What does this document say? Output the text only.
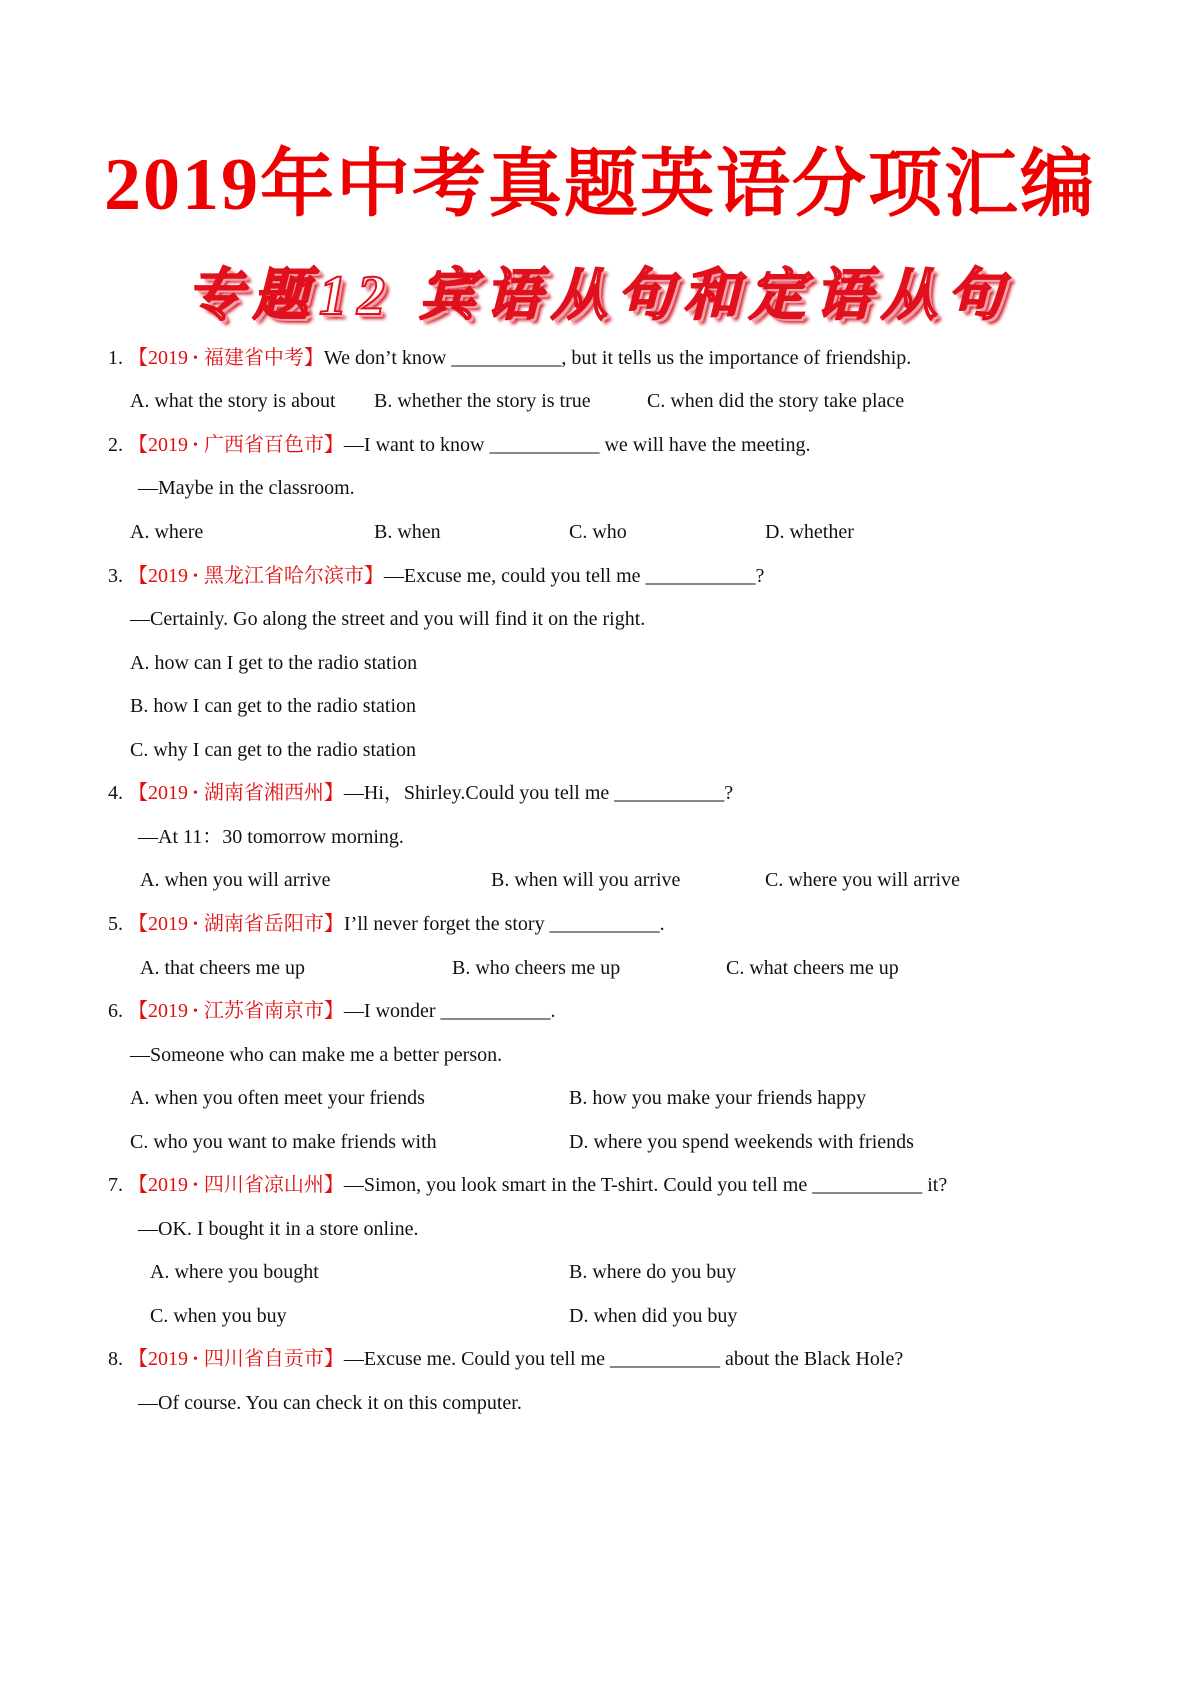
2019年中考真题英语分项汇编
专题12 宾语从句和定语从句
1. 【2019 • 福建省中考】We don’t know ___________, but it tells us the importance of friendship.
A. what the story is about B. whether the story is true	C. when did the story take place
2. 【2019 • 广西省百色市】—I want to know ___________ we will have the meeting.
—Maybe in the classroom.
A. where	B. when	C. who	D. whether
3. 【2019 • 黑龙江省哈尔滨市】—Excuse me, could you tell me ___________?
—Certainly. Go along the street and you will find it on the right.
A. how can I get to the radio station
B. how I can get to the radio station
C. why I can get to the radio station
4. 【2019 • 湖南省湘西州】—Hi，Shirley.Could you tell me ___________?
—At 11：30 tomorrow morning.
A. when you will arrive	B. when will you arrive	C. where you will arrive
5. 【2019 • 湖南省岳阳市】I’ll never forget the story ___________.
A. that cheers me up	B. who cheers me up	C. what cheers me up
6. 【2019 • 江苏省南京市】—I wonder ___________.
—Someone who can make me a better person.
A. when you often meet your friends	B. how you make your friends happy
C. who you want to make friends with	D. where you spend weekends with friends
7. 【2019 • 四川省凉山州】—Simon, you look smart in the T-shirt. Could you tell me ___________ it?
—OK. I bought it in a store online.
A. where you bought	B. where do you buy
C. when you buy	D. when did you buy
8. 【2019 • 四川省自贡市】—Excuse me. Could you tell me ___________ about the Black Hole?
—Of course. You can check it on this computer.
